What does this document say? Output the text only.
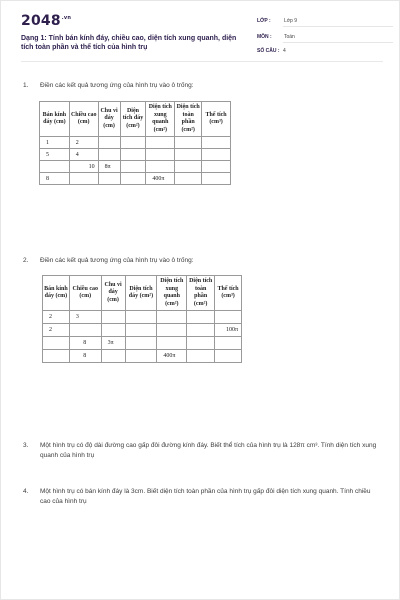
$2048^{.vn}$
Dạng 1: Tính bán kính đáy, chiều cao, diện tích xung quanh, diện tích toàn phần và thể tích của hình trụ
LỚP :	Lớp 9
MÔN : Toán
SỐ CÂU : 4
1. Điền các kết quả tương ứng của hình trụ vào ô trống:
Bán kính đáy (cm)	Chiều cao (cm)	Chu vi đáy (cm)	Diện tích đáy (cm²)	Diện tích xung quanh (cm²)	Diện tích toàn phần (cm²)	Thể tích (cm³)
1	2					
5	4					
	10	8π				
8				400π		
2. Điền các kết quả tương ứng của hình trụ vào ô trống:
Bán kính đáy (cm)	Chiều cao (cm)	Chu vi đáy (cm)	Diện tích đáy (cm²)	Diện tích xung quanh (cm²)	Diện tích toàn phần (cm²)	Thể tích (cm³)
2	3					
2						100π
	8	3π				
	8			400π		
3. Một hình trụ có độ dài đường cao gấp đôi đường kính đáy. Biết thể tích của hình trụ là 128π cm³. Tính diện tích xung quanh của hình trụ
4. Một hình trụ có bán kính đáy là 3cm. Biết diện tích toàn phần của hình trụ gấp đôi diện tích xung quanh. Tính chiều cao của hình trụ
